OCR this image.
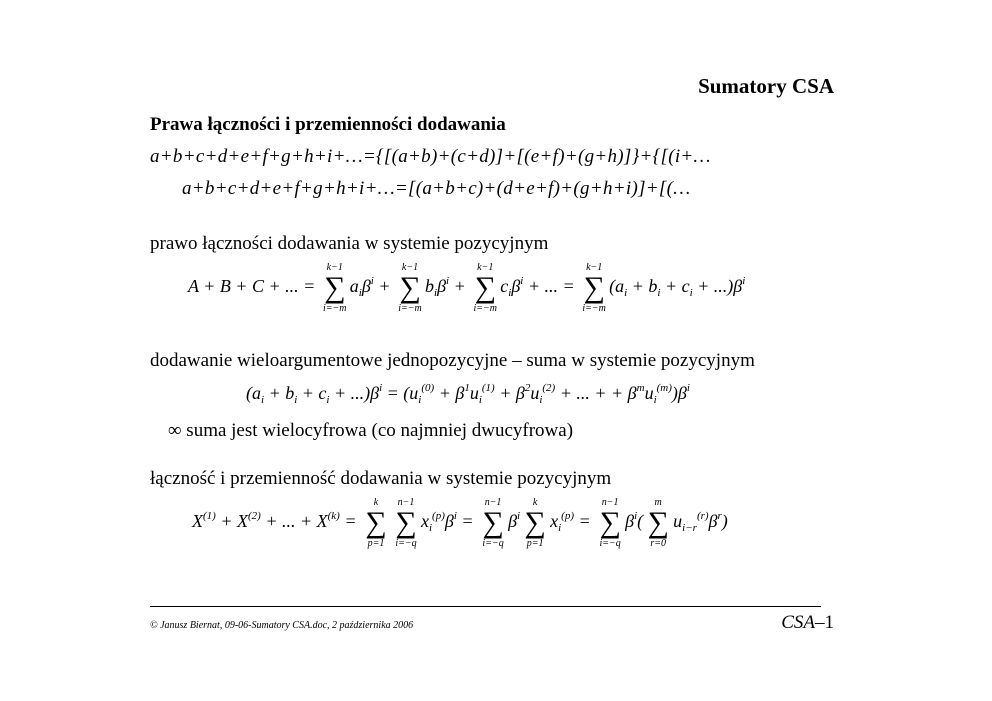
Sumatory CSA
Prawa łączności i przemienności dodawania
a+b+c+d+e+f+g+h+i+…={[(a+b)+(c+d)]+[(e+f)+(g+h)]}+{[(i+…
a+b+c+d+e+f+g+h+i+…=[(a+b+c)+(d+e+f)+(g+h+i)]+[(…
prawo łączności dodawania w systemie pozycyjnym
A + B + C + ... =
k−1
∑
i=−m
$a_i\beta^i$ +
k−1
∑
i=−m
$b_i\beta^i$ +
k−1
∑
i=−m
$c_i\beta^i$ + ... =
k−1
∑
i=−m
$(a_i + b_i + c_i + ...)\beta^i$
dodawanie wieloargumentowe jednopozycyjne – suma w systemie pozycyjnym
$(a_i + b_i + c_i + ...)\beta^i = (u_i^{(0)} + \beta^1u_i^{(1)} + \beta^2u_i^{(2)}$ + ... + + $\beta^mu_i^{(m)})\beta^i$
∞ suma jest wielocyfrowa (co najmniej dwucyfrowa)
łączność i przemienność dodawania w systemie pozycyjnym
$X^{(1)} + X^{(2)}$ + ... + $X^{(k)}$ =
k
∑
p=1
n−1
∑
i=−q
$x_i^{(p)}\beta^i$ =
n−1
∑
i=−q
$\beta^i$
k
∑
p=1
$x_i^{(p)}$ =
n−1
∑
i=−q
$\beta^i$(
m
∑
r=0
$u_{i-r}^{(r)}\beta^r$)
© Janusz Biernat, 09-06-Sumatory CSA.doc, 2 października 2006	CSA–1
